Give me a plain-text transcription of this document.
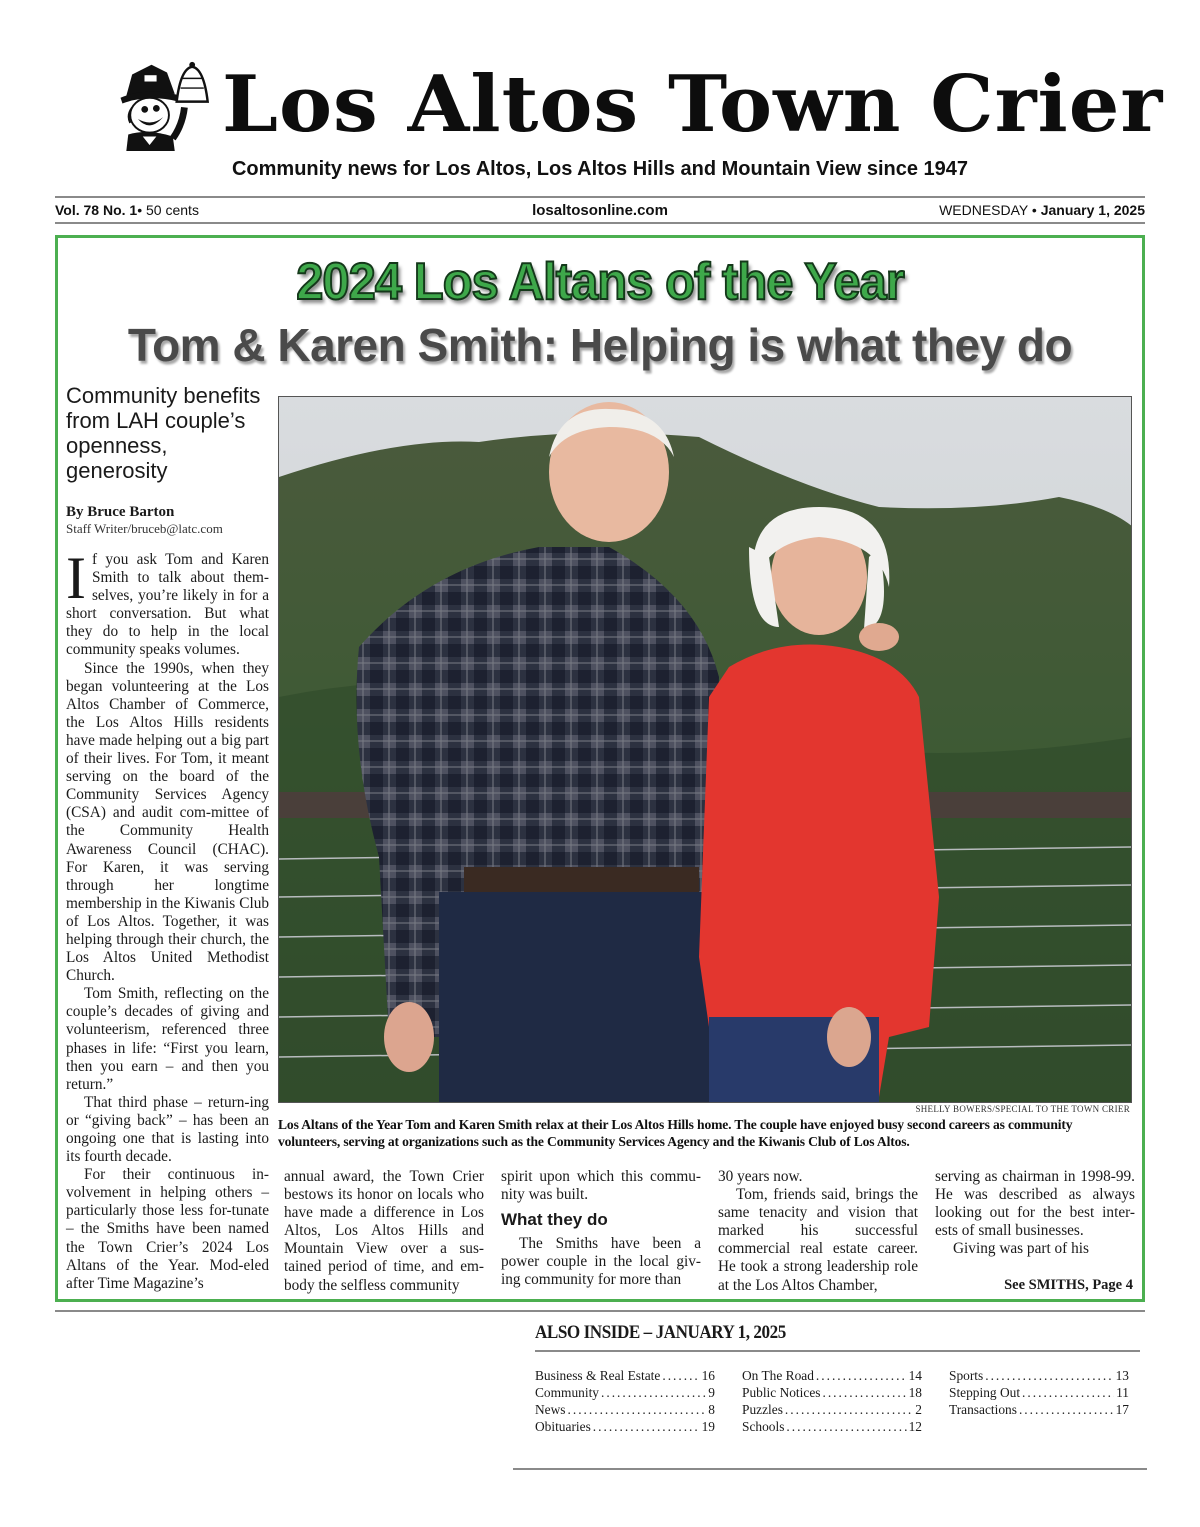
Los Altos Town Crier
Community news for Los Altos, Los Altos Hills and Mountain View since 1947
Vol. 78 No. 1• 50 cents	losaltosonline.com	WEDNESDAY • January 1, 2025
2024 Los Altans of the Year
Tom & Karen Smith: Helping is what they do
Community benefits from LAH couple’s openness, generosity
By Bruce Barton
Staff Writer/bruceb@latc.com

If you ask Tom and Karen Smith to talk about them-selves, you’re likely in for a short conversation. But what they do to help in the local community speaks volumes.

Since the 1990s, when they began volunteering at the Los Altos Chamber of Commerce, the Los Altos Hills residents have made helping out a big part of their lives. For Tom, it meant serving on the board of the Community Services Agency (CSA) and audit com-mittee of the Community Health Awareness Council (CHAC). For Karen, it was serving through her longtime membership in the Kiwanis Club of Los Altos. Together, it was helping through their church, the Los Altos United Methodist Church.

Tom Smith, reflecting on the couple’s decades of giving and volunteerism, referenced three phases in life: “First you learn, then you earn – and then you return.”

That third phase – return-ing or “giving back” – has been an ongoing one that is lasting into its fourth decade.

For their continuous in-volvement in helping others – particularly those less for-tunate – the Smiths have been named the Town Crier’s 2024 Los Altans of the Year. Mod-eled after Time Magazine’s

SHELLY BOWERS/SPECIAL TO THE TOWN CRIER
Los Altans of the Year Tom and Karen Smith relax at their Los Altos Hills home. The couple have enjoyed busy second careers as community volunteers, serving at organizations such as the Community Services Agency and the Kiwanis Club of Los Altos.

annual award, the Town Crier bestows its honor on locals who have made a difference in Los Altos, Los Altos Hills and Mountain View over a sus-tained period of time, and em-body the selfless community

spirit upon which this commu-nity was built.

What they do

The Smiths have been a power couple in the local giv-ing community for more than

30 years now.

Tom, friends said, brings the same tenacity and vision that marked his successful commercial real estate career. He took a strong leadership role at the Los Altos Chamber,

serving as chairman in 1998-99. He was described as always looking out for the best inter-ests of small businesses.

Giving was part of his

See SMITHS, Page 4
ALSO INSIDE – JANUARY 1, 2025
Business & Real Estate .....	16
Community .....	9
News .....	8
Obituaries .....	19
On The Road .....	14
Public Notices .....	18
Puzzles .....	2
Schools .....	12
Sports .....	13
Stepping Out .....	11
Transactions .....	17
